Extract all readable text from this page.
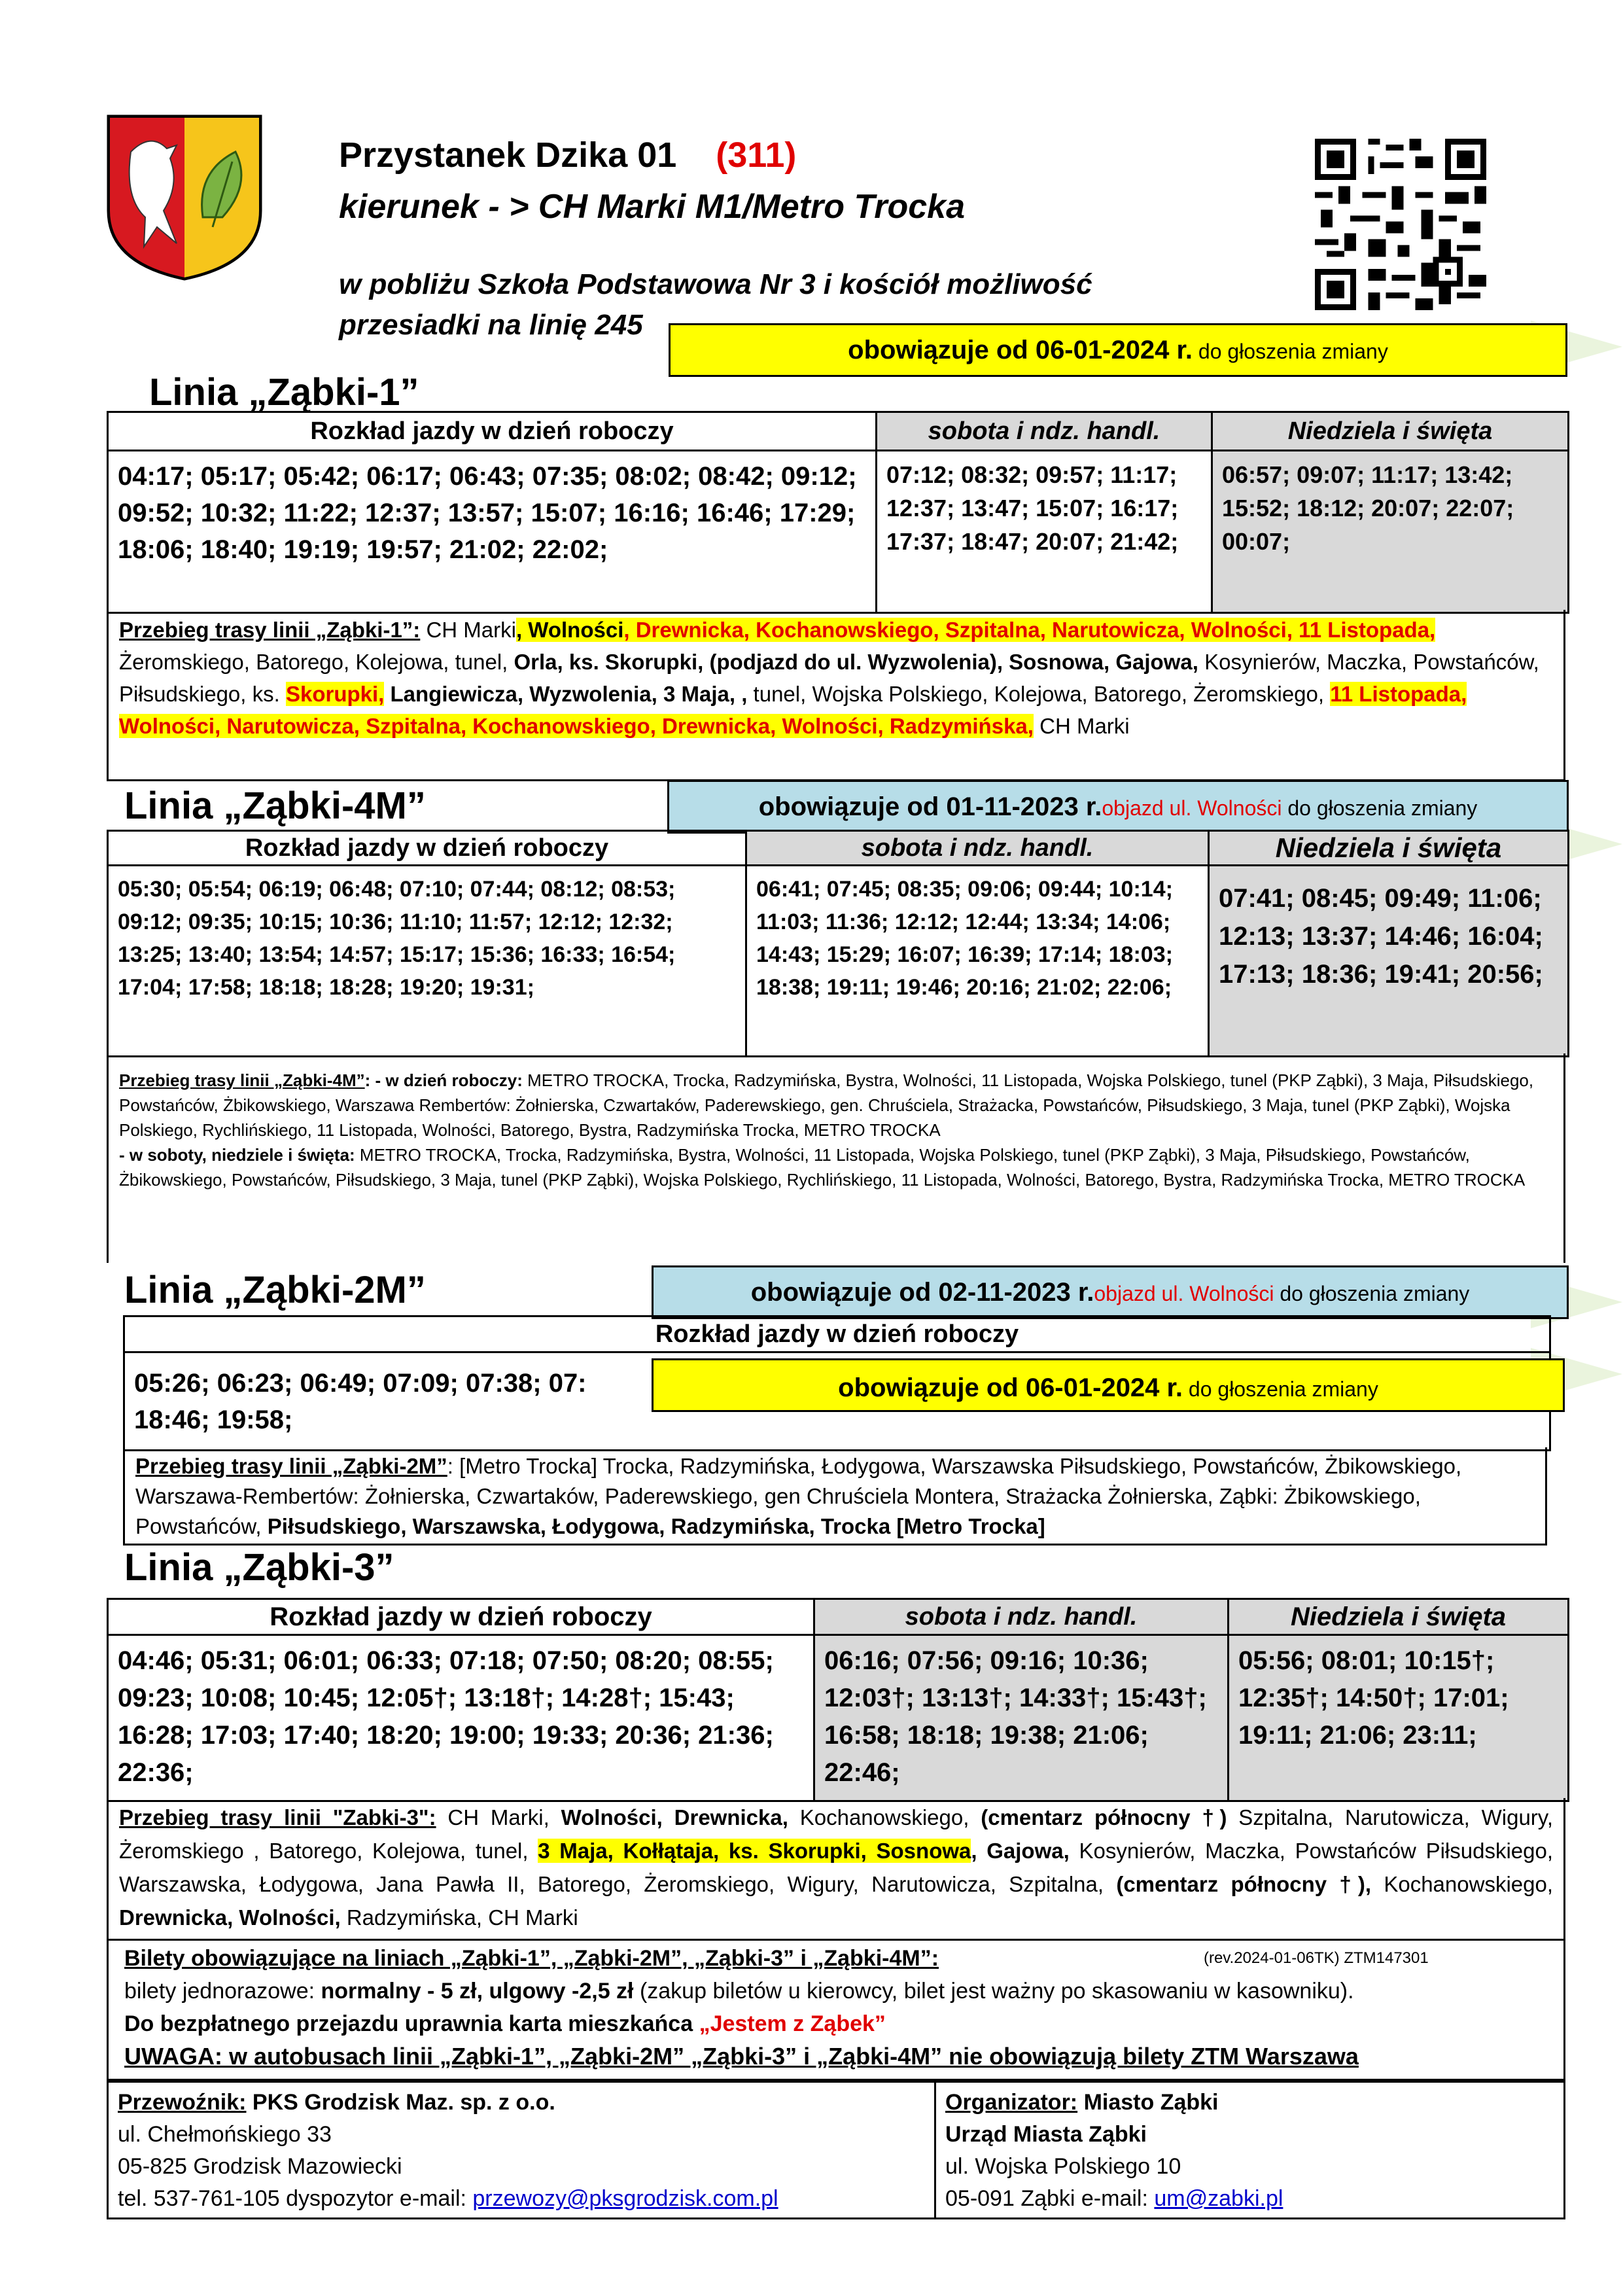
Przystanek Dzika 01 (311)
kierunek - > CH Marki M1/Metro Trocka
w pobliżu Szkoła Podstawowa Nr 3 i kościół możliwość
przesiadki na linię 245
obowiązuje od 06-01-2024 r. do głoszenia zmiany
Linia „Ząbki-1”
Rozkład jazdy w dzień roboczy	sobota i ndz. handl.	Niedziela i święta
04:17; 05:17; 05:42; 06:17; 06:43; 07:35; 08:02; 08:42; 09:12; 09:52; 10:32; 11:22; 12:37; 13:57; 15:07; 16:16; 16:46; 17:29; 18:06; 18:40; 19:19; 19:57; 21:02; 22:02;
07:12; 08:32; 09:57; 11:17; 12:37; 13:47; 15:07; 16:17; 17:37; 18:47; 20:07; 21:42;
06:57; 09:07; 11:17; 13:42; 15:52; 18:12; 20:07; 22:07; 00:07;
Przebieg trasy linii „Ząbki-1”: CH Marki, Wolności, Drewnicka, Kochanowskiego, Szpitalna, Narutowicza, Wolności, 11 Listopada, Żeromskiego, Batorego, Kolejowa, tunel, Orla, ks. Skorupki, (podjazd do ul. Wyzwolenia), Sosnowa, Gajowa, Kosynierów, Maczka, Powstańców, Piłsudskiego, ks. Skorupki, Langiewicza, Wyzwolenia, 3 Maja, , tunel, Wojska Polskiego, Kolejowa, Batorego, Żeromskiego, 11 Listopada, Wolności, Narutowicza, Szpitalna, Kochanowskiego, Drewnicka, Wolności, Radzymińska, CH Marki
Linia „Ząbki-4M”	obowiązuje od 01-11-2023 r.objazd ul. Wolności do głoszenia zmiany
Rozkład jazdy w dzień roboczy	sobota i ndz. handl.	Niedziela i święta
05:30; 05:54; 06:19; 06:48; 07:10; 07:44; 08:12; 08:53; 09:12; 09:35; 10:15; 10:36; 11:10; 11:57; 12:12; 12:32; 13:25; 13:40; 13:54; 14:57; 15:17; 15:36; 16:33; 16:54; 17:04; 17:58; 18:18; 18:28; 19:20; 19:31;
06:41; 07:45; 08:35; 09:06; 09:44; 10:14; 11:03; 11:36; 12:12; 12:44; 13:34; 14:06; 14:43; 15:29; 16:07; 16:39; 17:14; 18:03; 18:38; 19:11; 19:46; 20:16; 21:02; 22:06;
07:41; 08:45; 09:49; 11:06; 12:13; 13:37; 14:46; 16:04; 17:13; 18:36; 19:41; 20:56;
Przebieg trasy linii „Ząbki-4M”: - w dzień roboczy: METRO TROCKA, Trocka, Radzymińska, Bystra, Wolności, 11 Listopada, Wojska Polskiego, tunel (PKP Ząbki), 3 Maja, Piłsudskiego, Powstańców, Żbikowskiego, Warszawa Rembertów: Żołnierska, Czwartaków, Paderewskiego, gen. Chruściela, Strażacka, Powstańców, Piłsudskiego, 3 Maja, tunel (PKP Ząbki), Wojska Polskiego, Rychlińskiego, 11 Listopada, Wolności, Batorego, Bystra, Radzymińska Trocka, METRO TROCKA
- w soboty, niedziele i święta: METRO TROCKA, Trocka, Radzymińska, Bystra, Wolności, 11 Listopada, Wojska Polskiego, tunel (PKP Ząbki), 3 Maja, Piłsudskiego, Powstańców, Żbikowskiego, Powstańców, Piłsudskiego, 3 Maja, tunel (PKP Ząbki), Wojska Polskiego, Rychlińskiego, 11 Listopada, Wolności, Batorego, Bystra, Radzymińska Trocka, METRO TROCKA
Linia „Ząbki-2M”	obowiązuje od 02-11-2023 r.objazd ul. Wolności do głoszenia zmiany
Rozkład jazdy w dzień roboczy
05:26; 06:23; 06:49; 07:09; 07:38; 07:
18:46; 19:58;
obowiązuje od 06-01-2024 r. do głoszenia zmiany
Przebieg trasy linii „Ząbki-2M”: [Metro Trocka] Trocka, Radzymińska, Łodygowa, Warszawska Piłsudskiego, Powstańców, Żbikowskiego, Warszawa-Rembertów: Żołnierska, Czwartaków, Paderewskiego, gen Chruściela Montera, Strażacka Żołnierska, Ząbki: Żbikowskiego, Powstańców, Piłsudskiego, Warszawska, Łodygowa, Radzymińska, Trocka [Metro Trocka]
Linia „Ząbki-3”
Rozkład jazdy w dzień roboczy	sobota i ndz. handl.	Niedziela i święta
04:46; 05:31; 06:01; 06:33; 07:18; 07:50; 08:20; 08:55; 09:23; 10:08; 10:45; 12:05†; 13:18†; 14:28†; 15:43; 16:28; 17:03; 17:40; 18:20; 19:00; 19:33; 20:36; 21:36; 22:36;
06:16; 07:56; 09:16; 10:36; 12:03†; 13:13†; 14:33†; 15:43†; 16:58; 18:18; 19:38; 21:06; 22:46;
05:56; 08:01; 10:15†; 12:35†; 14:50†; 17:01; 19:11; 21:06; 23:11;
Przebieg trasy linii "Zabki-3": CH Marki, Wolności, Drewnicka, Kochanowskiego, (cmentarz północny †) Szpitalna, Narutowicza, Wigury, Żeromskiego , Batorego, Kolejowa, tunel, 3 Maja, Kołłątaja, ks. Skorupki, Sosnowa, Gajowa, Kosynierów, Maczka, Powstańców Piłsudskiego, Warszawska, Łodygowa, Jana Pawła II, Batorego, Żeromskiego, Wigury, Narutowicza, Szpitalna, (cmentarz północny †), Kochanowskiego, Drewnicka, Wolności, Radzymińska, CH Marki
Bilety obowiązujące na liniach „Ząbki-1”, „Ząbki-2M”, „Ząbki-3” i „Ząbki-4M”:	(rev.2024-01-06TK) ZTM147301
bilety jednorazowe: normalny - 5 zł, ulgowy -2,5 zł (zakup biletów u kierowcy, bilet jest ważny po skasowaniu w kasowniku).
Do bezpłatnego przejazdu uprawnia karta mieszkańca „Jestem z Ząbek”
UWAGA: w autobusach linii „Ząbki-1”, „Ząbki-2M” „Ząbki-3” i „Ząbki-4M” nie obowiązują bilety ZTM Warszawa
Przewoźnik: PKS Grodzisk Maz. sp. z o.o.
ul. Chełmońskiego 33
05-825 Grodzisk Mazowiecki
tel. 537-761-105 dyspozytor e-mail: przewozy@pksgrodzisk.com.pl
Organizator: Miasto Ząbki
Urząd Miasta Ząbki
ul. Wojska Polskiego 10
05-091 Ząbki e-mail: um@zabki.pl
